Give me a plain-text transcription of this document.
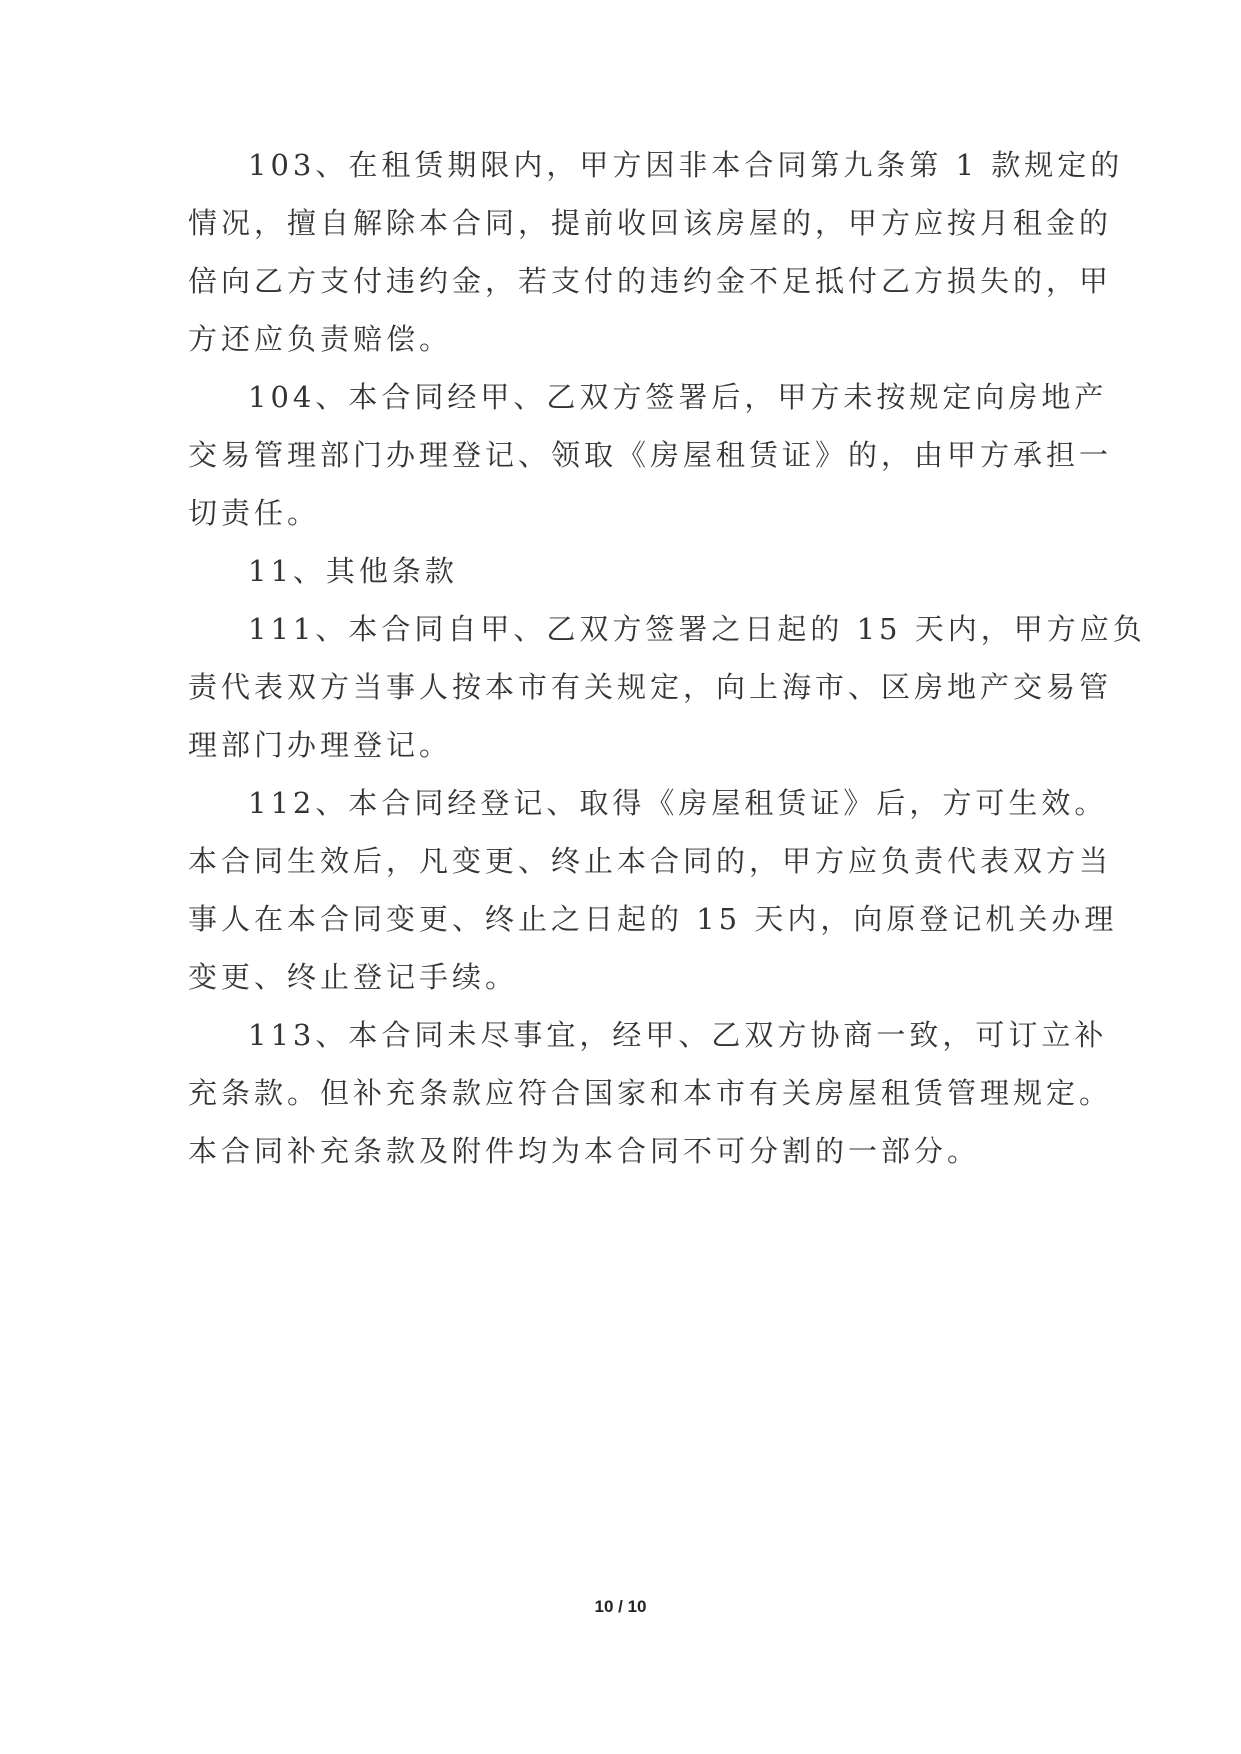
103、在租赁期限内，甲方因非本合同第九条第 1 款规定的
情况，擅自解除本合同，提前收回该房屋的，甲方应按月租金的
倍向乙方支付违约金，若支付的违约金不足抵付乙方损失的，甲
方还应负责赔偿。
104、本合同经甲、乙双方签署后，甲方未按规定向房地产
交易管理部门办理登记、领取《房屋租赁证》的，由甲方承担一
切责任。
11、其他条款
111、本合同自甲、乙双方签署之日起的 15 天内，甲方应负
责代表双方当事人按本市有关规定，向上海市、区房地产交易管
理部门办理登记。
112、本合同经登记、取得《房屋租赁证》后，方可生效。
本合同生效后，凡变更、终止本合同的，甲方应负责代表双方当
事人在本合同变更、终止之日起的 15 天内，向原登记机关办理
变更、终止登记手续。
113、本合同未尽事宜，经甲、乙双方协商一致，可订立补
充条款。但补充条款应符合国家和本市有关房屋租赁管理规定。
本合同补充条款及附件均为本合同不可分割的一部分。
10 / 10
